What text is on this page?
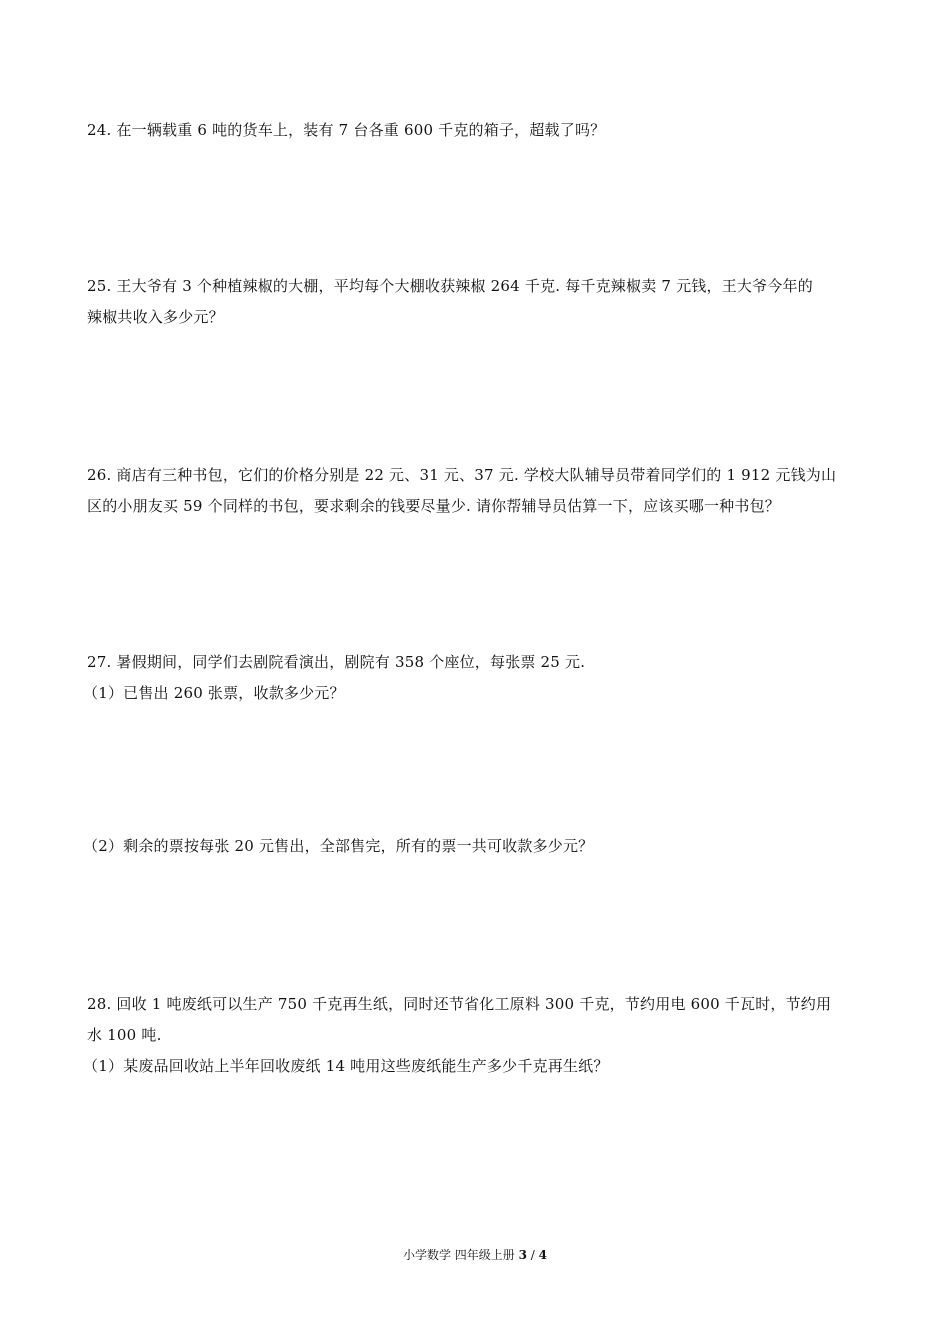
24. 在一辆载重 6 吨的货车上，装有 7 台各重 600 千克的箱子，超载了吗？
25. 王大爷有 3 个种植辣椒的大棚，平均每个大棚收获辣椒 264 千克. 每千克辣椒卖 7 元钱，王大爷今年的
辣椒共收入多少元？
26. 商店有三种书包，它们的价格分别是 22 元、31 元、37 元. 学校大队辅导员带着同学们的 1 912 元钱为山
区的小朋友买 59 个同样的书包，要求剩余的钱要尽量少. 请你帮辅导员估算一下，应该买哪一种书包？
27. 暑假期间，同学们去剧院看演出，剧院有 358 个座位，每张票 25 元.
（1）已售出 260 张票，收款多少元？
（2）剩余的票按每张 20 元售出，全部售完，所有的票一共可收款多少元？
28. 回收 1 吨废纸可以生产 750 千克再生纸，同时还节省化工原料 300 千克，节约用电 600 千瓦时，节约用
水 100 吨.
（1）某废品回收站上半年回收废纸 14 吨用这些废纸能生产多少千克再生纸？
小学数学 四年级上册 3 / 4
